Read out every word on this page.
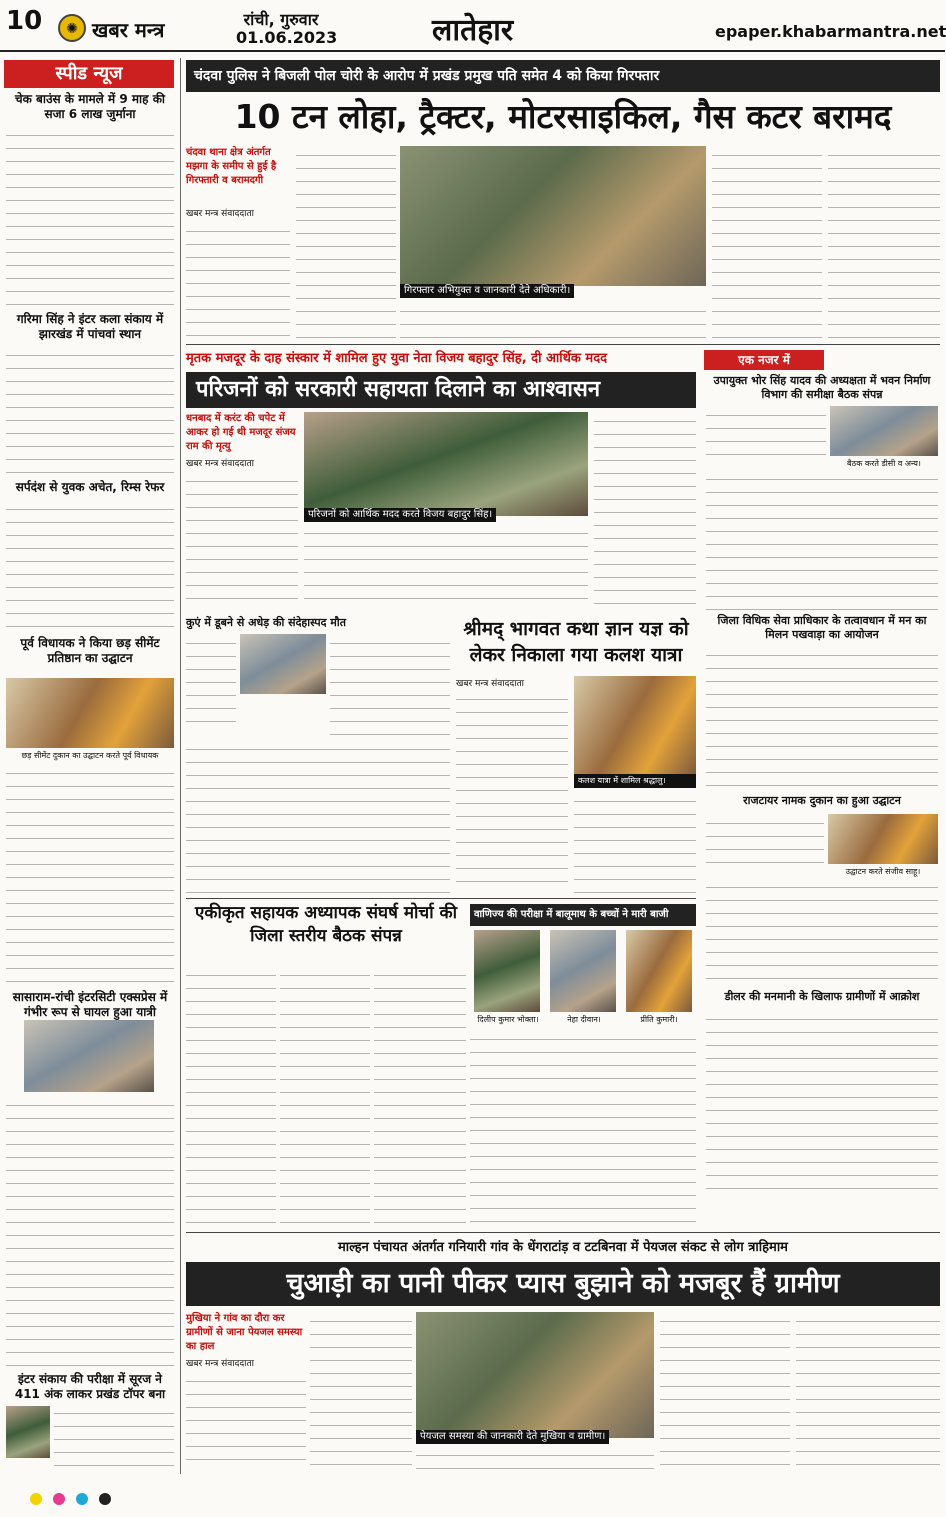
10	✺ खबर मन्त्र	रांची, गुरुवार
01.06.2023	लातेहार	epaper.khabarmantra.net
स्पीड न्यूज
चेक बाउंस के मामले में 9 माह की सजा 6 लाख जुर्माना
गरिमा सिंह ने इंटर कला संकाय में झारखंड में पांचवां स्थान
सर्पदंश से युवक अचेत, रिम्स रेफर
पूर्व विधायक ने किया छड़ सीमेंट प्रतिष्ठान का उद्घाटन
छड़ सीमेंट दुकान का उद्घाटन करते पूर्व विधायक
सासाराम-रांची इंटरसिटी एक्सप्रेस में गंभीर रूप से घायल हुआ यात्री
इंटर संकाय की परीक्षा में सूरज ने 411 अंक लाकर प्रखंड टॉपर बना
चंदवा पुलिस ने बिजली पोल चोरी के आरोप में प्रखंड प्रमुख पति समेत 4 को किया गिरफ्तार
10 टन लोहा, ट्रैक्टर, मोटरसाइकिल, गैस कटर बरामद
चंदवा थाना क्षेत्र अंतर्गत मझगा के समीप से हुई है गिरफ्तारी व बरामदगी
खबर मन्त्र संवाददाता
गिरफ्तार अभियुक्त व जानकारी देते अधिकारी।
मृतक मजदूर के दाह संस्कार में शामिल हुए युवा नेता विजय बहादुर सिंह, दी आर्थिक मदद
परिजनों को सरकारी सहायता दिलाने का आश्वासन
धनबाद में करंट की चपेट में आकर हो गई थी मजदूर संजय राम की मृत्यु
खबर मन्त्र संवाददाता
परिजनों को आर्थिक मदद करते विजय बहादुर सिंह।
एक नजर में
उपायुक्त भोर सिंह यादव की अध्यक्षता में भवन निर्माण विभाग की समीक्षा बैठक संपन्न
बैठक करते डीसी व अन्य।
जिला विधिक सेवा प्राधिकार के तत्वावधान में मन का मिलन पखवाड़ा का आयोजन
राजटायर नामक दुकान का हुआ उद्घाटन
उद्घाटन करते संजीव साहू।
डीलर की मनमानी के खिलाफ ग्रामीणों में आक्रोश
कुएं में डूबने से अधेड़ की संदेहास्पद मौत	श्रीमद् भागवत कथा ज्ञान यज्ञ को लेकर निकाला गया कलश यात्रा
खबर मन्त्र संवाददाता
कलश यात्रा में शामिल श्रद्धालु।
एकीकृत सहायक अध्यापक संघर्ष मोर्चा की जिला स्तरीय बैठक संपन्न
वाणिज्य की परीक्षा में बालूमाथ के बच्चों ने मारी बाजी
दिलीप कुमार भोक्ता।	नेहा दीवान।	प्रीति कुमारी।
माल्हन पंचायत अंतर्गत गनियारी गांव के धेंगराटांड़ व टटबिनवा में पेयजल संकट से लोग त्राहिमाम
चुआड़ी का पानी पीकर प्यास बुझाने को मजबूर हैं ग्रामीण
मुखिया ने गांव का दौरा कर ग्रामीणों से जाना पेयजल समस्या का हाल
खबर मन्त्र संवाददाता
पेयजल समस्या की जानकारी देते मुखिया व ग्रामीण।
